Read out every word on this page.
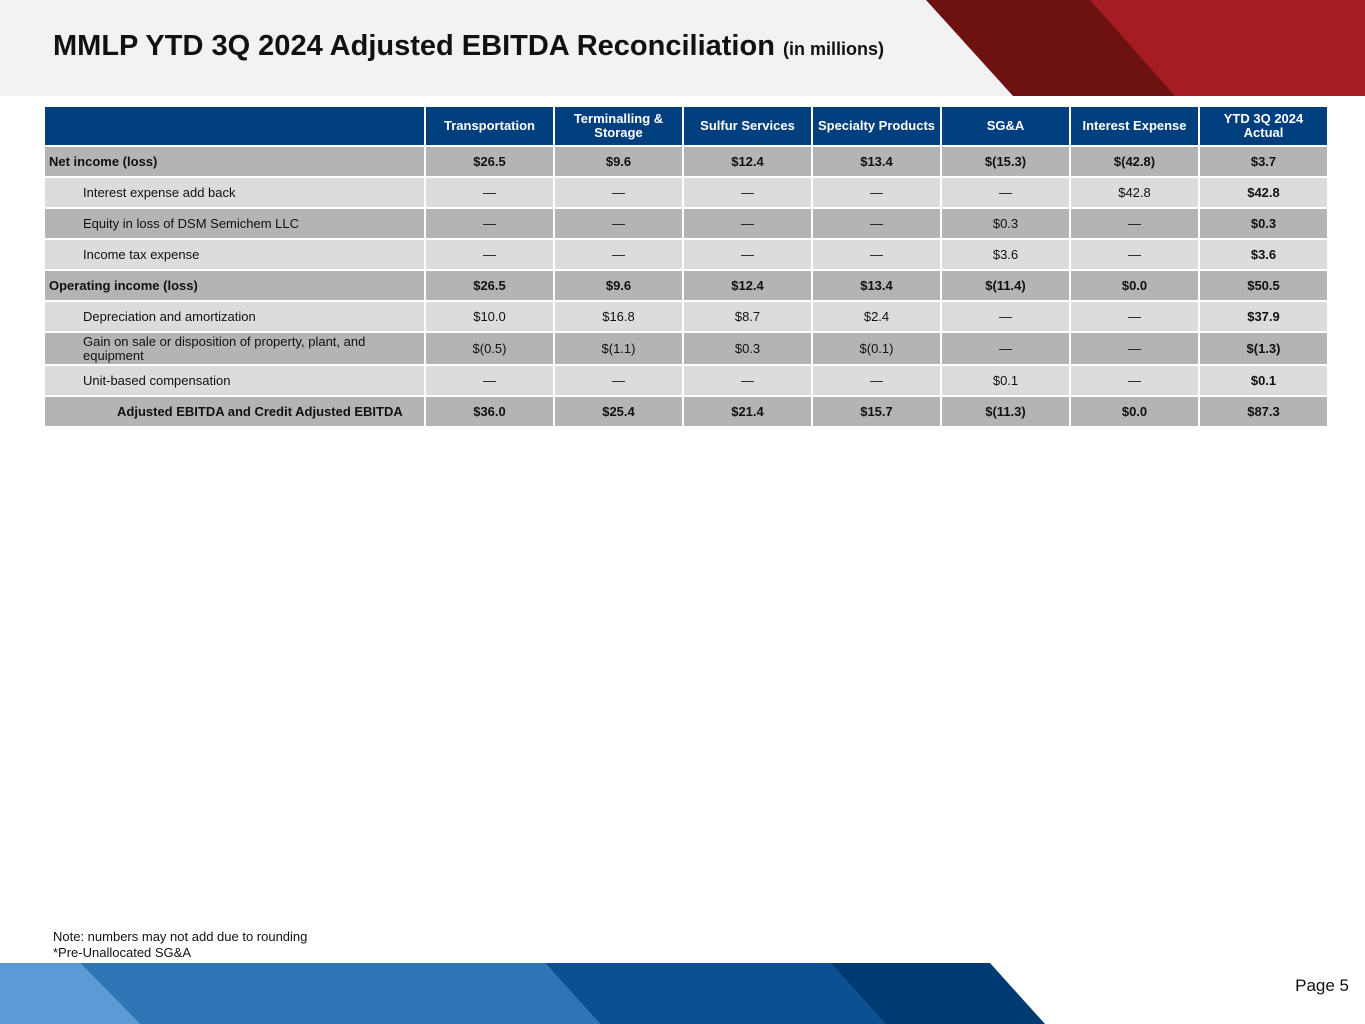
MMLP YTD 3Q 2024 Adjusted EBITDA Reconciliation (in millions)
	Transportation	Terminalling & Storage	Sulfur Services	Specialty Products	SG&A	Interest Expense	YTD 3Q 2024 Actual
Net income (loss)	$26.5	$9.6	$12.4	$13.4	$(15.3)	$(42.8)	$3.7
Interest expense add back	—	—	—	—	—	$42.8	$42.8
Equity in loss of DSM Semichem LLC	—	—	—	—	$0.3	—	$0.3
Income tax expense	—	—	—	—	$3.6	—	$3.6
Operating income (loss)	$26.5	$9.6	$12.4	$13.4	$(11.4)	$0.0	$50.5
Depreciation and amortization	$10.0	$16.8	$8.7	$2.4	—	—	$37.9
Gain on sale or disposition of property, plant, and equipment	$(0.5)	$(1.1)	$0.3	$(0.1)	—	—	$(1.3)
Unit-based compensation	—	—	—	—	$0.1	—	$0.1
Adjusted EBITDA and Credit Adjusted EBITDA	$36.0	$25.4	$21.4	$15.7	$(11.3)	$0.0	$87.3
Note: numbers may not add due to rounding
*Pre-Unallocated SG&A
Page 5
